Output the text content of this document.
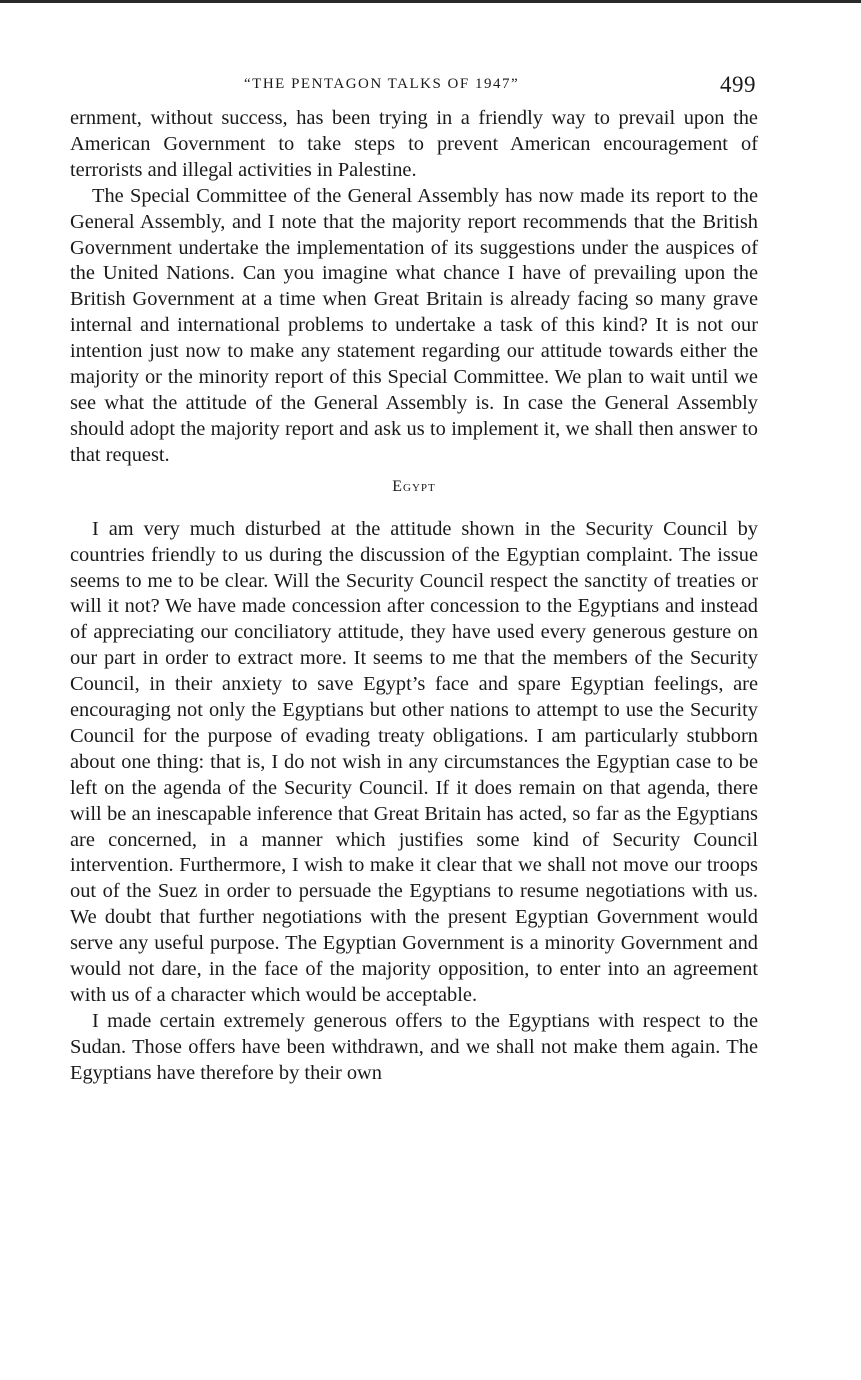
“THE PENTAGON TALKS OF 1947”	499

ernment, without success, has been trying in a friendly way to prevail upon the American Government to take steps to prevent American encouragement of terrorists and illegal activities in Palestine.

The Special Committee of the General Assembly has now made its report to the General Assembly, and I note that the majority report recommends that the British Government undertake the implementation of its suggestions under the auspices of the United Nations. Can you imagine what chance I have of prevailing upon the British Government at a time when Great Britain is already facing so many grave internal and international problems to undertake a task of this kind? It is not our intention just now to make any statement regarding our attitude towards either the majority or the minority report of this Special Committee. We plan to wait until we see what the attitude of the General Assembly is. In case the General Assembly should adopt the majority report and ask us to implement it, we shall then answer to that request.

Egypt

I am very much disturbed at the attitude shown in the Security Council by countries friendly to us during the discussion of the Egyptian complaint. The issue seems to me to be clear. Will the Security Council respect the sanctity of treaties or will it not? We have made concession after concession to the Egyptians and instead of appreciating our conciliatory attitude, they have used every generous gesture on our part in order to extract more. It seems to me that the members of the Security Council, in their anxiety to save Egypt’s face and spare Egyptian feelings, are encouraging not only the Egyptians but other nations to attempt to use the Security Council for the purpose of evading treaty obligations. I am particularly stubborn about one thing: that is, I do not wish in any circumstances the Egyptian case to be left on the agenda of the Security Council. If it does remain on that agenda, there will be an inescapable inference that Great Britain has acted, so far as the Egyptians are concerned, in a manner which justifies some kind of Security Council intervention. Furthermore, I wish to make it clear that we shall not move our troops out of the Suez in order to persuade the Egyptians to resume negotiations with us. We doubt that further negotiations with the present Egyptian Government would serve any useful purpose. The Egyptian Government is a minority Government and would not dare, in the face of the majority opposition, to enter into an agreement with us of a character which would be acceptable.

I made certain extremely generous offers to the Egyptians with respect to the Sudan. Those offers have been withdrawn, and we shall not make them again. The Egyptians have therefore by their own
